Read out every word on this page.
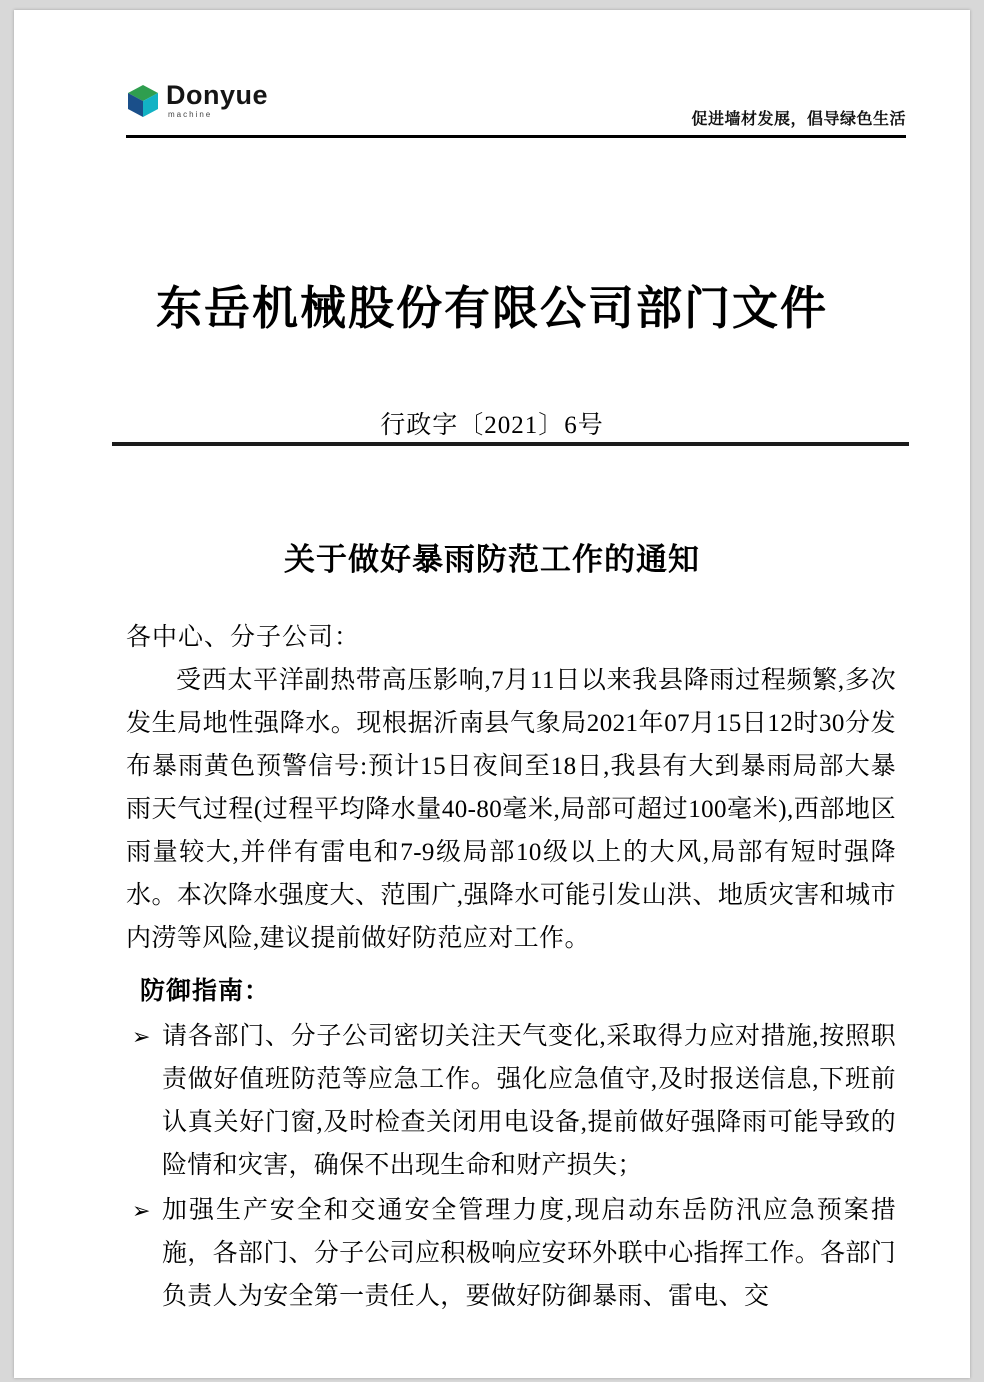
Donyue
machine	促进墙材发展，倡导绿色生活
东岳机械股份有限公司部门文件
行政字〔2021〕6号
关于做好暴雨防范工作的通知

各中心、分子公司：

受西太平洋副热带高压影响,7月11日以来我县降雨过程频繁,多次发生局地性强降水。现根据沂南县气象局2021年07月15日12时30分发布暴雨黄色预警信号:预计15日夜间至18日,我县有大到暴雨局部大暴雨天气过程(过程平均降水量40-80毫米,局部可超过100毫米),西部地区雨量较大,并伴有雷电和7-9级局部10级以上的大风,局部有短时强降水。本次降水强度大、范围广,强降水可能引发山洪、地质灾害和城市内涝等风险,建议提前做好防范应对工作。

防御指南：

➢ 请各部门、分子公司密切关注天气变化,采取得力应对措施,按照职责做好值班防范等应急工作。强化应急值守,及时报送信息,下班前认真关好门窗,及时检查关闭用电设备,提前做好强降雨可能导致的险情和灾害，确保不出现生命和财产损失；
➢ 加强生产安全和交通安全管理力度,现启动东岳防汛应急预案措施，各部门、分子公司应积极响应安环外联中心指挥工作。各部门负责人为安全第一责任人，要做好防御暴雨、雷电、交
